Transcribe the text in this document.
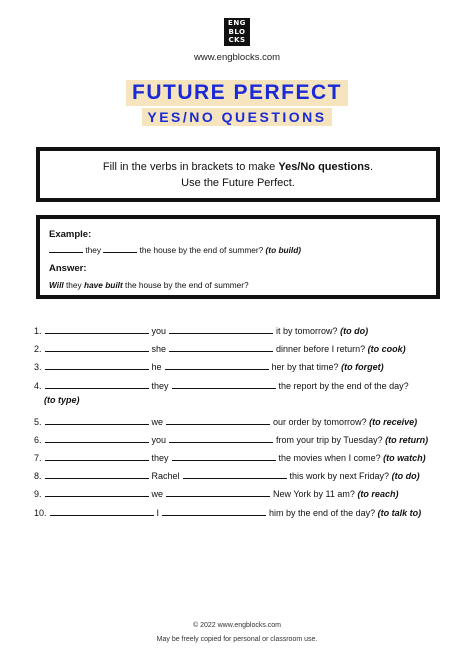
ENG
BLO
CKS
www.engblocks.com
FUTURE PERFECT
YES/NO QUESTIONS
Fill in the verbs in brackets to make Yes/No questions.
Use the Future Perfect.
Example:
they	the house by the end of summer? (to build)
Answer:
Will they have built the house by the end of summer?
1.	you	it by tomorrow? (to do)
2.	she	dinner before I return? (to cook)
3.	he	her by that time? (to forget)
4.	they	the report by the end of the day?
(to type)
5.	we	our order by tomorrow? (to receive)
6.	you	from your trip by Tuesday? (to return)
7.	they	the movies when I come? (to watch)
8.	Rachel	this work by next Friday? (to do)
9.	we	New York by 11 am? (to reach)
10.	I	him by the end of the day? (to talk to)
© 2022 www.engblocks.com
May be freely copied for personal or classroom use.
